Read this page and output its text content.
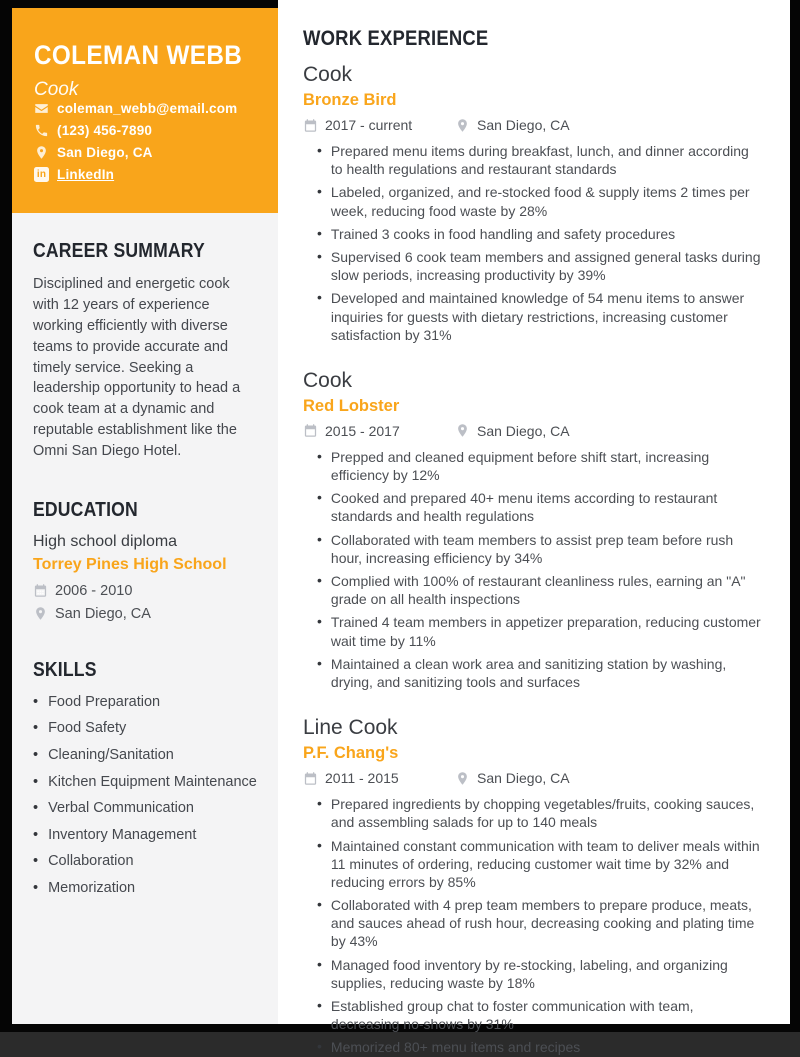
COLEMAN WEBB
Cook
coleman_webb@email.com
(123) 456-7890
San Diego, CA
in LinkedIn
CAREER SUMMARY

Disciplined and energetic cook with 12 years of experience working efficiently with diverse teams to provide accurate and timely service. Seeking a leadership opportunity to head a cook team at a dynamic and reputable establishment like the Omni San Diego Hotel.

EDUCATION
High school diploma
Torrey Pines High School
2006 - 2010
San Diego, CA
SKILLS
• Food Preparation
• Food Safety
• Cleaning/Sanitation
• Kitchen Equipment Maintenance
• Verbal Communication
• Inventory Management
• Collaboration
• Memorization
WORK EXPERIENCE
Cook
Bronze Bird
2017 - current	San Diego, CA
• Prepared menu items during breakfast, lunch, and dinner according to health regulations and restaurant standards
• Labeled, organized, and re-stocked food & supply items 2 times per week, reducing food waste by 28%
• Trained 3 cooks in food handling and safety procedures
• Supervised 6 cook team members and assigned general tasks during slow periods, increasing productivity by 39%
• Developed and maintained knowledge of 54 menu items to answer inquiries for guests with dietary restrictions, increasing customer satisfaction by 31%
Cook
Red Lobster
2015 - 2017	San Diego, CA
• Prepped and cleaned equipment before shift start, increasing efficiency by 12%
• Cooked and prepared 40+ menu items according to restaurant standards and health regulations
• Collaborated with team members to assist prep team before rush hour, increasing efficiency by 34%
• Complied with 100% of restaurant cleanliness rules, earning an "A" grade on all health inspections
• Trained 4 team members in appetizer preparation, reducing customer wait time by 11%
• Maintained a clean work area and sanitizing station by washing, drying, and sanitizing tools and surfaces
Line Cook
P.F. Chang's
2011 - 2015	San Diego, CA
• Prepared ingredients by chopping vegetables/fruits, cooking sauces, and assembling salads for up to 140 meals
• Maintained constant communication with team to deliver meals within 11 minutes of ordering, reducing customer wait time by 32% and reducing errors by 85%
• Collaborated with 4 prep team members to prepare produce, meats, and sauces ahead of rush hour, decreasing cooking and plating time by 43%
• Managed food inventory by re-stocking, labeling, and organizing supplies, reducing waste by 18%
• Established group chat to foster communication with team, decreasing no-shows by 31%
• Memorized 80+ menu items and recipes
